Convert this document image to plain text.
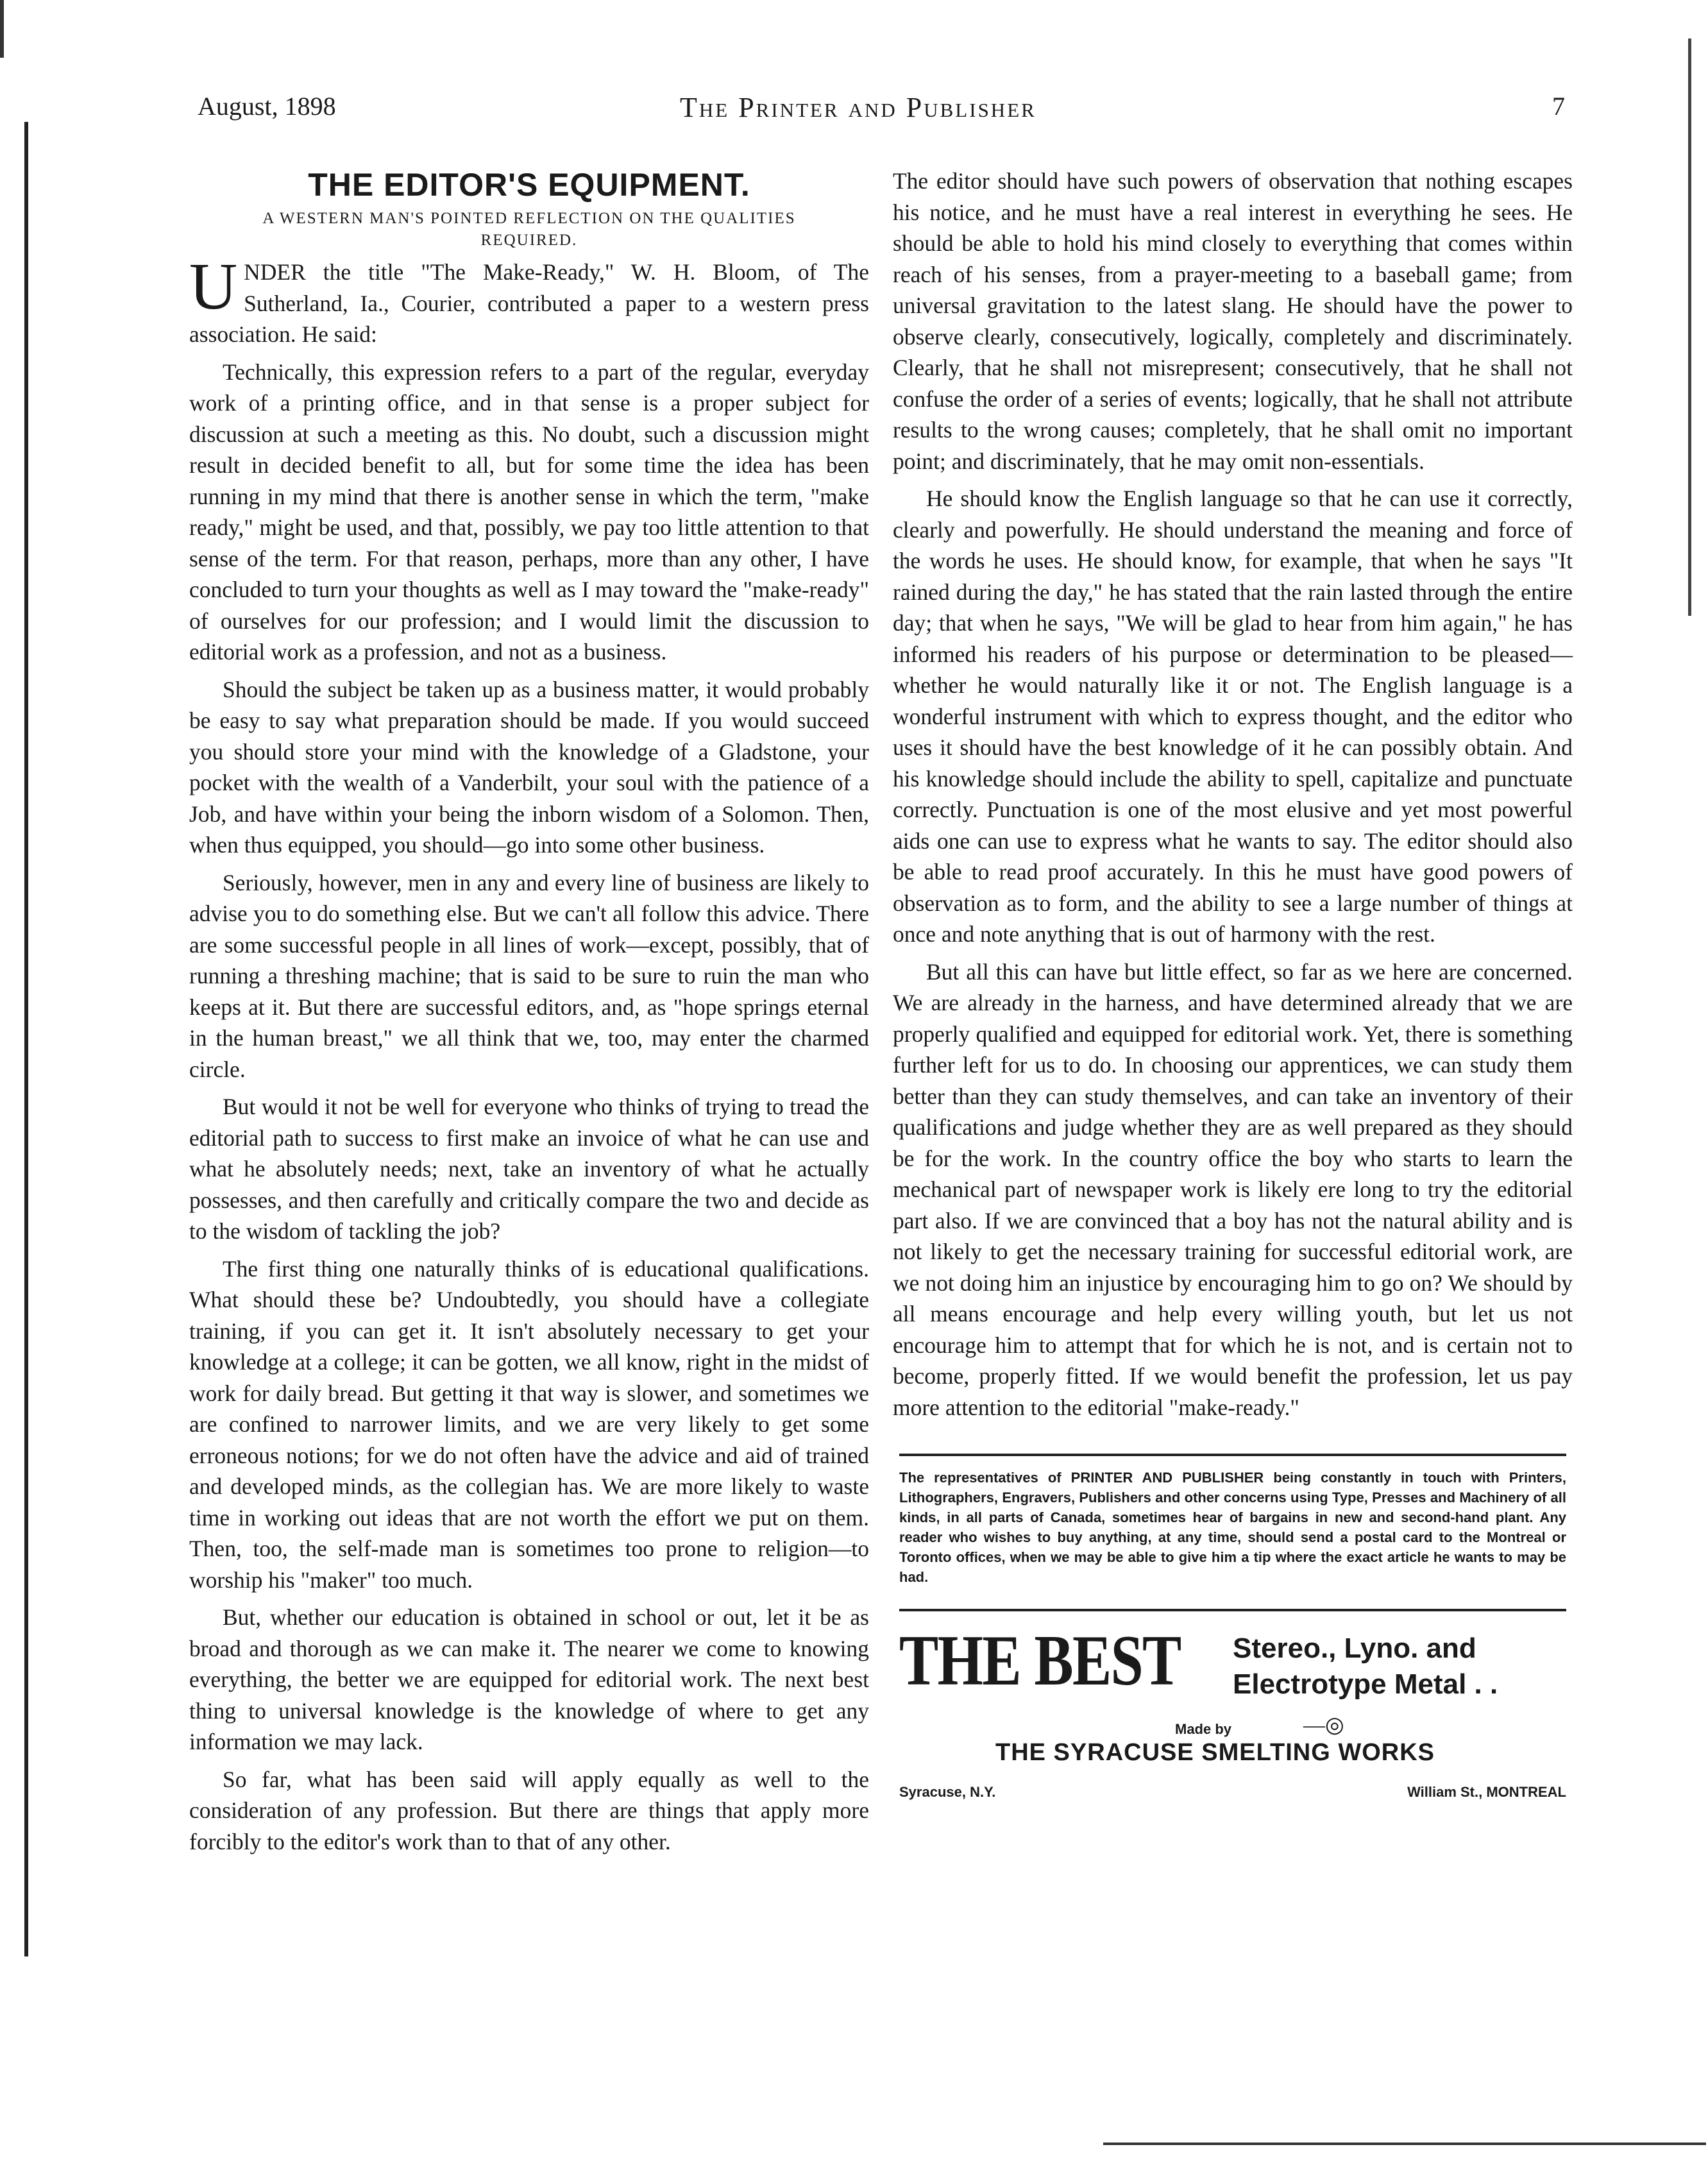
August, 1898	The Printer and Publisher	7
THE EDITOR'S EQUIPMENT.
A WESTERN MAN'S POINTED REFLECTION ON THE QUALITIES REQUIRED.

UNDER the title "The Make-Ready," W. H. Bloom, of The Sutherland, Ia., Courier, contributed a paper to a western press association. He said:

Technically, this expression refers to a part of the regular, everyday work of a printing office, and in that sense is a proper subject for discussion at such a meeting as this. No doubt, such a discussion might result in decided benefit to all, but for some time the idea has been running in my mind that there is another sense in which the term, "make ready," might be used, and that, possibly, we pay too little attention to that sense of the term. For that reason, perhaps, more than any other, I have concluded to turn your thoughts as well as I may toward the "make-ready" of ourselves for our profession; and I would limit the discussion to editorial work as a profession, and not as a business.

Should the subject be taken up as a business matter, it would probably be easy to say what preparation should be made. If you would succeed you should store your mind with the knowledge of a Gladstone, your pocket with the wealth of a Vanderbilt, your soul with the patience of a Job, and have within your being the inborn wisdom of a Solomon. Then, when thus equipped, you should—go into some other business.

Seriously, however, men in any and every line of business are likely to advise you to do something else. But we can't all follow this advice. There are some successful people in all lines of work—except, possibly, that of running a threshing machine; that is said to be sure to ruin the man who keeps at it. But there are successful editors, and, as "hope springs eternal in the human breast," we all think that we, too, may enter the charmed circle.

But would it not be well for everyone who thinks of trying to tread the editorial path to success to first make an invoice of what he can use and what he absolutely needs; next, take an inventory of what he actually possesses, and then carefully and critically compare the two and decide as to the wisdom of tackling the job?

The first thing one naturally thinks of is educational qualifications. What should these be? Undoubtedly, you should have a collegiate training, if you can get it. It isn't absolutely necessary to get your knowledge at a college; it can be gotten, we all know, right in the midst of work for daily bread. But getting it that way is slower, and sometimes we are confined to narrower limits, and we are very likely to get some erroneous notions; for we do not often have the advice and aid of trained and developed minds, as the collegian has. We are more likely to waste time in working out ideas that are not worth the effort we put on them. Then, too, the self-made man is sometimes too prone to religion—to worship his "maker" too much.

But, whether our education is obtained in school or out, let it be as broad and thorough as we can make it. The nearer we come to knowing everything, the better we are equipped for editorial work. The next best thing to universal knowledge is the knowledge of where to get any information we may lack.

So far, what has been said will apply equally as well to the consideration of any profession. But there are things that apply more forcibly to the editor's work than to that of any other.

The editor should have such powers of observation that nothing escapes his notice, and he must have a real interest in everything he sees. He should be able to hold his mind closely to everything that comes within reach of his senses, from a prayer-meeting to a baseball game; from universal gravitation to the latest slang. He should have the power to observe clearly, consecutively, logically, completely and discriminately. Clearly, that he shall not misrepresent; consecutively, that he shall not confuse the order of a series of events; logically, that he shall not attribute results to the wrong causes; completely, that he shall omit no important point; and discriminately, that he may omit non-essentials.

He should know the English language so that he can use it correctly, clearly and powerfully. He should understand the meaning and force of the words he uses. He should know, for example, that when he says "It rained during the day," he has stated that the rain lasted through the entire day; that when he says, "We will be glad to hear from him again," he has informed his readers of his purpose or determination to be pleased—whether he would naturally like it or not. The English language is a wonderful instrument with which to express thought, and the editor who uses it should have the best knowledge of it he can possibly obtain. And his knowledge should include the ability to spell, capitalize and punctuate correctly. Punctuation is one of the most elusive and yet most powerful aids one can use to express what he wants to say. The editor should also be able to read proof accurately. In this he must have good powers of observation as to form, and the ability to see a large number of things at once and note anything that is out of harmony with the rest.

But all this can have but little effect, so far as we here are concerned. We are already in the harness, and have determined already that we are properly qualified and equipped for editorial work. Yet, there is something further left for us to do. In choosing our apprentices, we can study them better than they can study themselves, and can take an inventory of their qualifications and judge whether they are as well prepared as they should be for the work. In the country office the boy who starts to learn the mechanical part of newspaper work is likely ere long to try the editorial part also. If we are convinced that a boy has not the natural ability and is not likely to get the necessary training for successful editorial work, are we not doing him an injustice by encouraging him to go on? We should by all means encourage and help every willing youth, but let us not encourage him to attempt that for which he is not, and is certain not to become, properly fitted. If we would benefit the profession, let us pay more attention to the editorial "make-ready."

The representatives of PRINTER AND PUBLISHER being constantly in touch with Printers, Lithographers, Engravers, Publishers and other concerns using Type, Presses and Machinery of all kinds, in all parts of Canada, sometimes hear of bargains in new and second-hand plant. Any reader who wishes to buy anything, at any time, should send a postal card to the Montreal or Toronto offices, when we may be able to give him a tip where the exact article he wants to may be had.
THE BEST Stereo., Lyno. and
Electrotype Metal . .
Made by	—◎
THE SYRACUSE SMELTING WORKS
Syracuse, N.Y.	William St., MONTREAL
